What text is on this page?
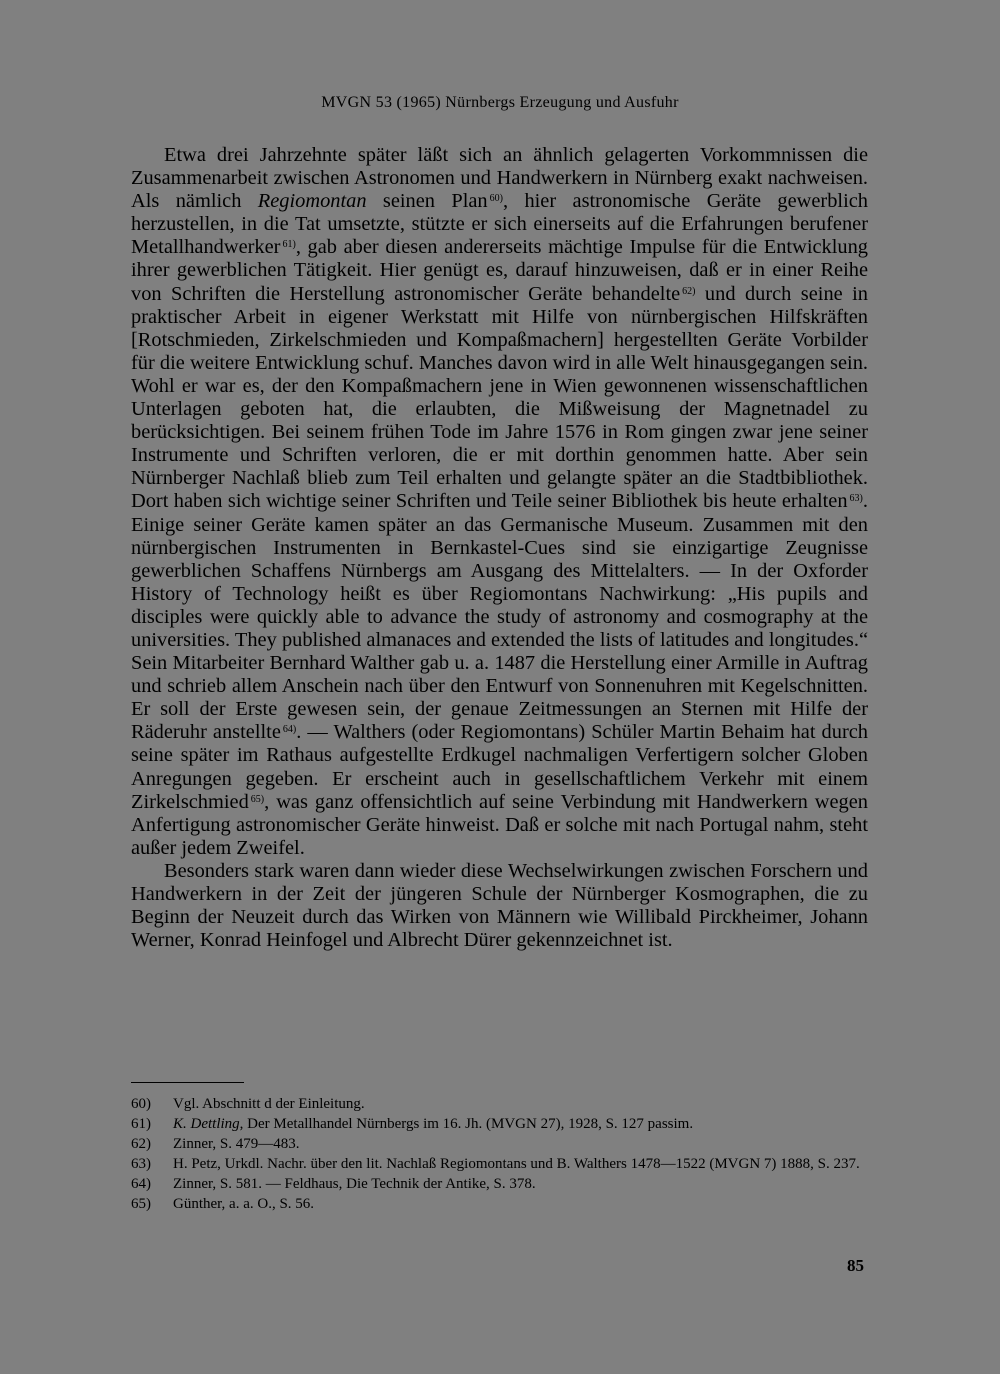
MVGN 53 (1965) Nürnbergs Erzeugung und Ausfuhr

Etwa drei Jahrzehnte später läßt sich an ähnlich gelagerten Vorkommnissen die Zusammenarbeit zwischen Astronomen und Handwerkern in Nürnberg exakt nachweisen. Als nämlich Regiomontan seinen Plan $^{60)}$, hier astronomische Geräte gewerblich herzustellen, in die Tat umsetzte, stützte er sich einerseits auf die Erfahrungen berufener Metallhandwerker $^{61)}$, gab aber diesen andererseits mächtige Impulse für die Entwicklung ihrer gewerblichen Tätigkeit. Hier genügt es, darauf hinzuweisen, daß er in einer Reihe von Schriften die Herstellung astronomischer Geräte behandelte $^{62)}$ und durch seine in praktischer Arbeit in eigener Werkstatt mit Hilfe von nürnbergischen Hilfskräften [Rotschmieden, Zirkelschmieden und Kompaßmachern] hergestellten Geräte Vorbilder für die weitere Entwicklung schuf. Manches davon wird in alle Welt hinausgegangen sein. Wohl er war es, der den Kompaßmachern jene in Wien gewonnenen wissenschaftlichen Unterlagen geboten hat, die erlaubten, die Mißweisung der Magnetnadel zu berücksichtigen. Bei seinem frühen Tode im Jahre 1576 in Rom gingen zwar jene seiner Instrumente und Schriften verloren, die er mit dorthin genommen hatte. Aber sein Nürnberger Nachlaß blieb zum Teil erhalten und gelangte später an die Stadtbibliothek. Dort haben sich wichtige seiner Schriften und Teile seiner Bibliothek bis heute erhalten $^{63)}$. Einige seiner Geräte kamen später an das Germanische Museum. Zusammen mit den nürnbergischen Instrumenten in Bernkastel-Cues sind sie einzigartige Zeugnisse gewerblichen Schaffens Nürnbergs am Ausgang des Mittelalters. — In der Oxforder History of Technology heißt es über Regiomontans Nachwirkung: „His pupils and disciples were quickly able to advance the study of astronomy and cosmography at the universities. They published almanaces and extended the lists of latitudes and longitudes.“ Sein Mitarbeiter Bernhard Walther gab u. a. 1487 die Herstellung einer Armille in Auftrag und schrieb allem Anschein nach über den Entwurf von Sonnenuhren mit Kegelschnitten. Er soll der Erste gewesen sein, der genaue Zeitmessungen an Sternen mit Hilfe der Räderuhr anstellte $^{64)}$. — Walthers (oder Regiomontans) Schüler Martin Behaim hat durch seine später im Rathaus aufgestellte Erdkugel nachmaligen Verfertigern solcher Globen Anregungen gegeben. Er erscheint auch in gesellschaftlichem Verkehr mit einem Zirkelschmied $^{65)}$, was ganz offensichtlich auf seine Verbindung mit Handwerkern wegen Anfertigung astronomischer Geräte hinweist. Daß er solche mit nach Portugal nahm, steht außer jedem Zweifel.

Besonders stark waren dann wieder diese Wechselwirkungen zwischen Forschern und Handwerkern in der Zeit der jüngeren Schule der Nürnberger Kosmographen, die zu Beginn der Neuzeit durch das Wirken von Männern wie Willibald Pirckheimer, Johann Werner, Konrad Heinfogel und Albrecht Dürer gekennzeichnet ist.

60) Vgl. Abschnitt d der Einleitung.
61) K. Dettling, Der Metallhandel Nürnbergs im 16. Jh. (MVGN 27), 1928, S. 127 passim.
62) Zinner, S. 479—483.
63) H. Petz, Urkdl. Nachr. über den lit. Nachlaß Regiomontans und B. Walthers 1478—1522 (MVGN 7) 1888, S. 237.
64) Zinner, S. 581. — Feldhaus, Die Technik der Antike, S. 378.
65) Günther, a. a. O., S. 56.
85
